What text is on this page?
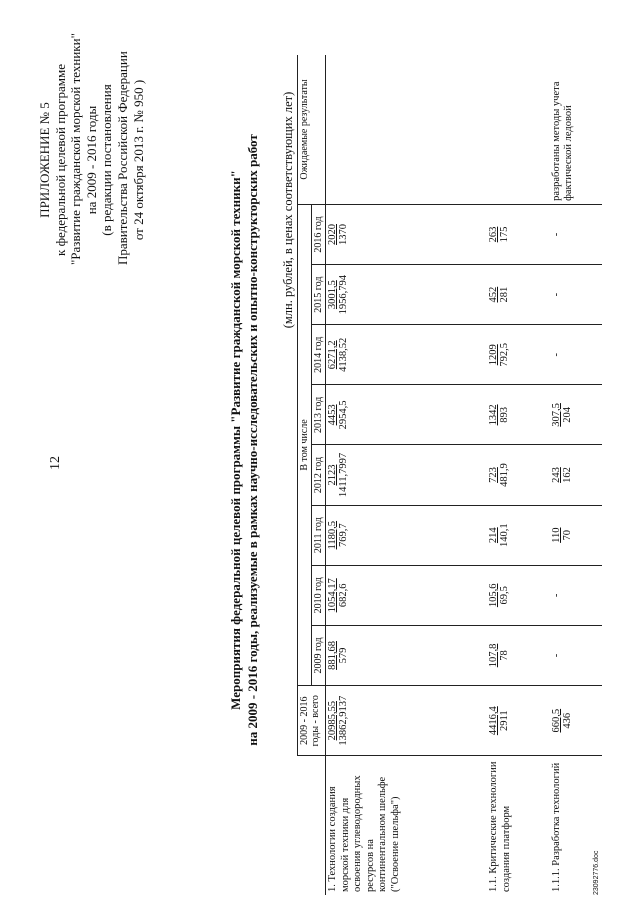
12
ПРИЛОЖЕНИЕ № 5 к федеральной целевой программе "Развитие гражданской морской техники" на 2009 - 2016 годы (в редакции постановления Правительства Российской Федерации от 24 октября 2013 г. № 950 )
Мероприятия федеральной целевой программы "Развитие гражданской морской техники" на 2009 - 2016 годы, реализуемые в рамках научно-исследовательских и опытно-конструкторских работ (млн. рублей, в ценах соответствующих лет)
	2009 - 2016 годы - всего	В том числе								Ожидаемые результаты
		2009 год	2010 год	2011 год	2012 год	2013 год	2014 год	2015 год	2016 год	
1. Технологии создания морской техники для освоения углеводородных ресурсов на континентальном шельфе ("Освоение шельфа")	20985,55 13862,9137	881,68 579	1054,17 682,6	1180,5 769,7	2123 1411,7997	4453 2954,5	6271,2 4138,52	3001,5 1956,794	2020 1370	

1.1. Критические технологии создания платформ	4416,4 2911	107,8 78	105,6 69,5	214 140,1	723 481,9	1342 893	1209 792,5	452 281	263 175	

1.1.1. Разработка технологий	660,5 436	-	-	110 70	243 162	307,5 204	-	-	-	разработаны методы учета фактической ледовой
23092776.doc
